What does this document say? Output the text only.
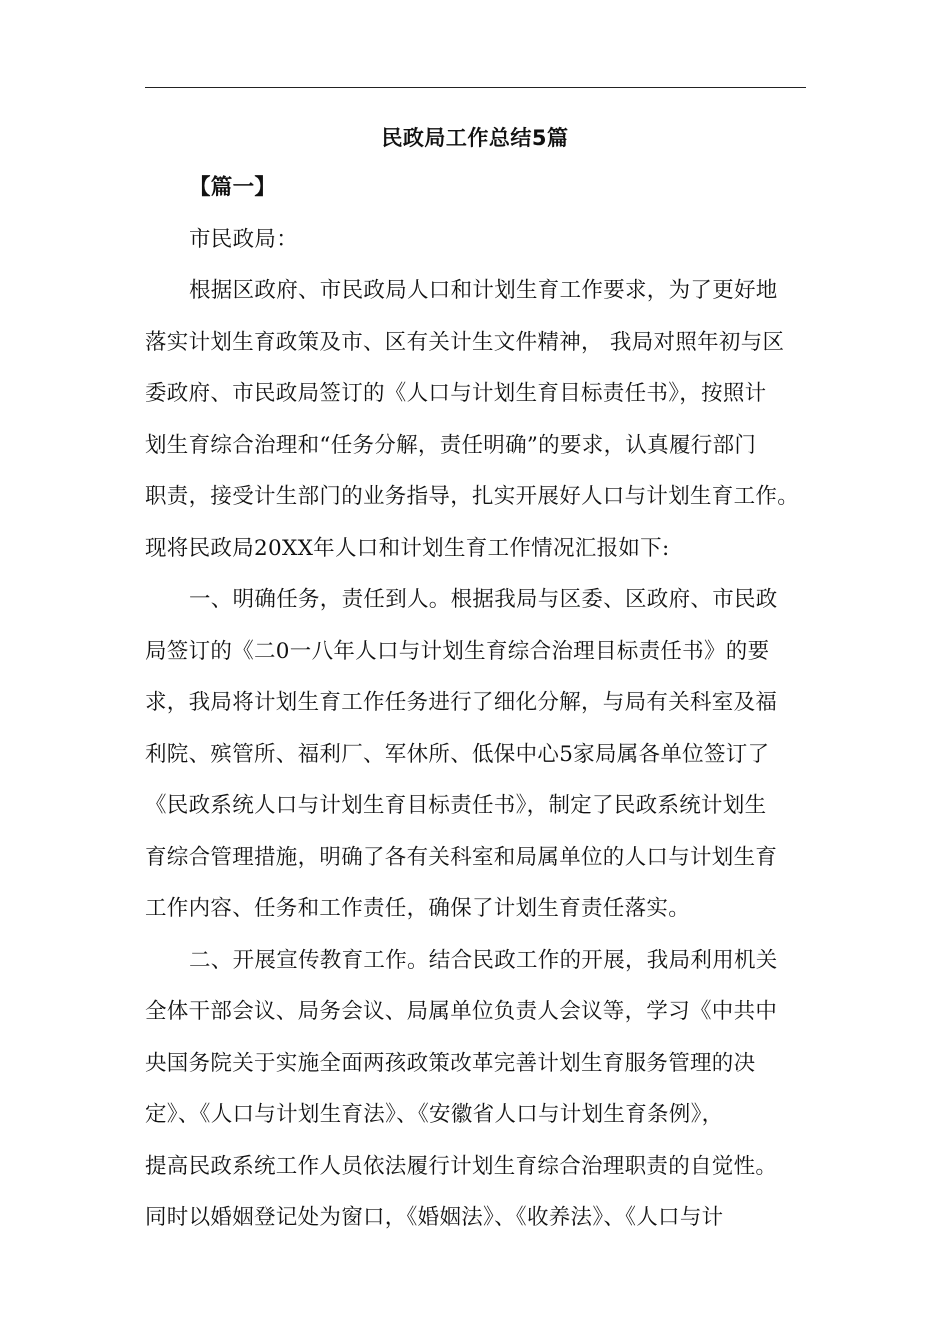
民政局工作总结5篇
【篇一】
市民政局：
根据区政府、市民政局人口和计划生育工作要求，为了更好地
落实计划生育政策及市、区有关计生文件精神， 我局对照年初与区
委政府、市民政局签订的《人口与计划生育目标责任书》，按照计
划生育综合治理和“任务分解，责任明确”的要求，认真履行部门
职责，接受计生部门的业务指导，扎实开展好人口与计划生育工作。
现将民政局20XX年人口和计划生育工作情况汇报如下:
一、明确任务，责任到人。根据我局与区委、区政府、市民政
局签订的《二0一八年人口与计划生育综合治理目标责任书》的要
求，我局将计划生育工作任务进行了细化分解，与局有关科室及福
利院、殡管所、福利厂、军休所、低保中心5家局属各单位签订了
《民政系统人口与计划生育目标责任书》，制定了民政系统计划生
育综合管理措施，明确了各有关科室和局属单位的人口与计划生育
工作内容、任务和工作责任，确保了计划生育责任落实。
二、开展宣传教育工作。结合民政工作的开展，我局利用机关
全体干部会议、局务会议、局属单位负责人会议等，学习《中共中
央国务院关于实施全面两孩政策改革完善计划生育服务管理的决
定》、《人口与计划生育法》、《安徽省人口与计划生育条例》，
提高民政系统工作人员依法履行计划生育综合治理职责的自觉性。
同时以婚姻登记处为窗口，《婚姻法》、《收养法》、《人口与计
